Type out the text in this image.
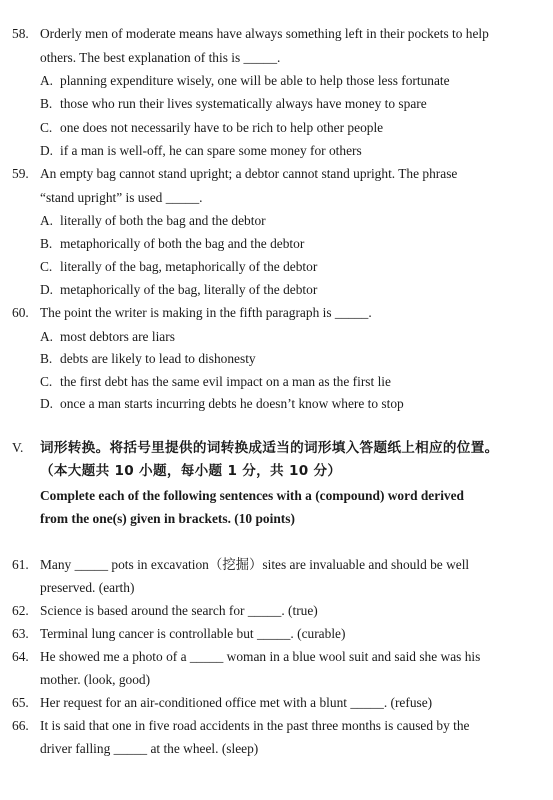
58. Orderly men of moderate means have always something left in their pockets to help
others. The best explanation of this is _____.
A. planning expenditure wisely, one will be able to help those less fortunate
B. those who run their lives systematically always have money to spare
C. one does not necessarily have to be rich to help other people
D. if a man is well-off, he can spare some money for others
59. An empty bag cannot stand upright; a debtor cannot stand upright. The phrase
“stand upright” is used _____.
A. literally of both the bag and the debtor
B. metaphorically of both the bag and the debtor
C. literally of the bag, metaphorically of the debtor
D. metaphorically of the bag, literally of the debtor
60. The point the writer is making in the fifth paragraph is _____.
A. most debtors are liars
B. debts are likely to lead to dishonesty
C. the first debt has the same evil impact on a man as the first lie
D. once a man starts incurring debts he doesn’t know where to stop
V. 词形转换。将括号里提供的词转换成适当的词形填入答题纸上相应的位置。
（本大题共 10 小题，每小题 1 分，共 10 分）
Complete each of the following sentences with a (compound) word derived
from the one(s) given in brackets. (10 points)
61. Many _____ pots in excavation（挖掘）sites are invaluable and should be well
preserved. (earth)
62. Science is based around the search for _____. (true)
63. Terminal lung cancer is controllable but _____. (curable)
64. He showed me a photo of a _____ woman in a blue wool suit and said she was his
mother. (look, good)
65. Her request for an air-conditioned office met with a blunt _____. (refuse)
66. It is said that one in five road accidents in the past three months is caused by the
driver falling _____ at the wheel. (sleep)
